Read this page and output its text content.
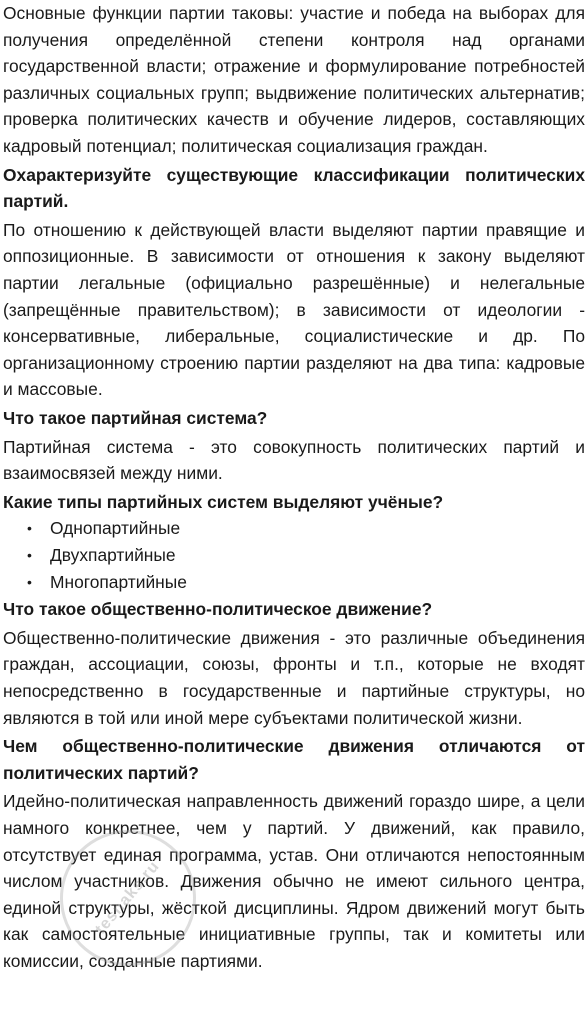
Основные функции партии таковы: участие и победа на выборах для получения определённой степени контроля над органами государственной власти; отражение и формулирование потребностей различных социальных групп; выдвижение политических альтернатив; проверка политических качеств и обучение лидеров, составляющих кадровый потенциал; политическая социализация граждан.

Охарактеризуйте существующие классификации политических партий.

По отношению к действующей власти выделяют партии правящие и оппозиционные. В зависимости от отношения к закону выделяют партии легальные (официально разрешённые) и нелегальные (запрещённые правительством); в зависимости от идеологии - консервативные, либеральные, социалистические и др. По организационному строению партии разделяют на два типа: кадровые и массовые.

Что такое партийная система?

Партийная система - это совокупность политических партий и взаимосвязей между ними.

Какие типы партийных систем выделяют учёные?
• Однопартийные
• Двухпартийные
• Многопартийные
Что такое общественно-политическое движение?

Общественно-политические движения - это различные объединения граждан, ассоциации, союзы, фронты и т.п., которые не входят непосредственно в государственные и партийные структуры, но являются в той или иной мере субъектами политической жизни.

Чем общественно-политические движения отличаются от политических партий?

Идейно-политическая направленность движений гораздо шире, а цели намного конкретнее, чем у партий. У движений, как правило, отсутствует единая программа, устав. Они отличаются непостоянным числом участников. Движения обычно не имеют сильного центра, единой структуры, жёсткой дисциплины. Ядром движений могут быть как самостоятельные инициативные группы, так и комитеты или комиссии, созданные партиями.

tesnaks.ru
